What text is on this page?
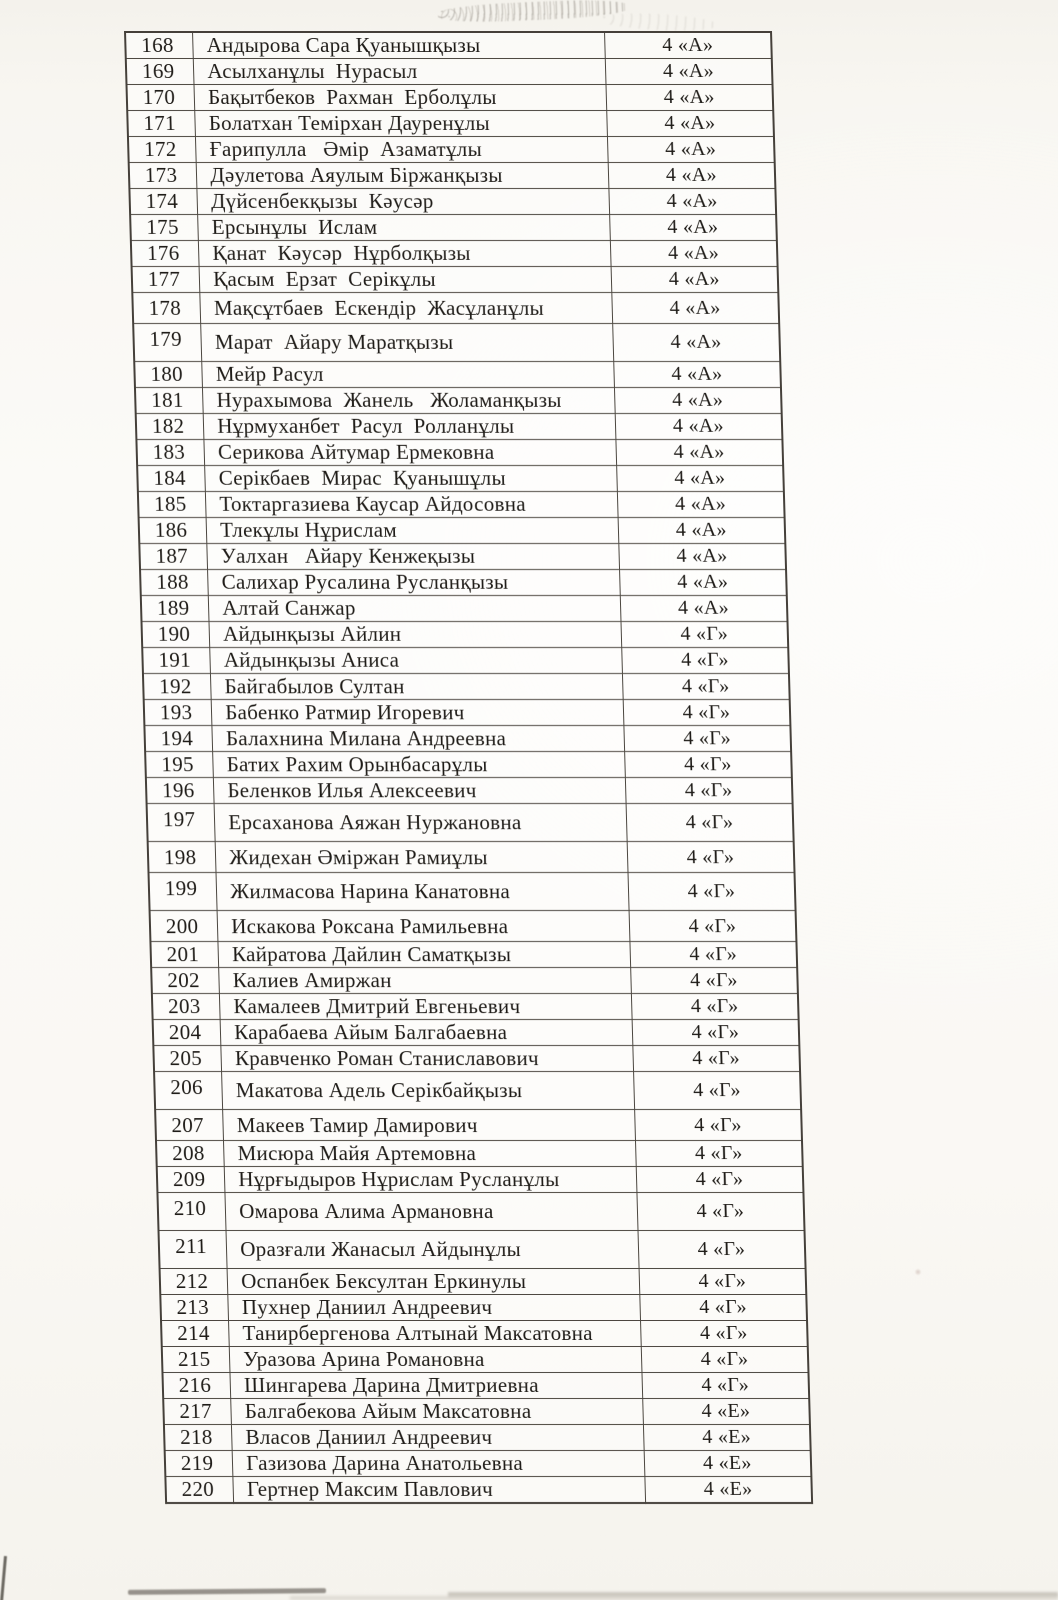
168	Андырова Сара Қуанышқызы	4 «А»
169	Асылханұлы  Нурасыл	4 «А»
170	Бақытбеков  Рахман  Ерболұлы	4 «А»
171	Болатхан Темірхан Дауренұлы	4 «А»
172	Ғарипулла   Әмір  Азаматұлы	4 «А»
173	Дәулетова Аяулым Біржанқызы	4 «А»
174	Дүйсенбекқызы  Кәусәр	4 «А»
175	Ерсынұлы  Ислам	4 «А»
176	Қанат  Кәусәр  Нұрболқызы	4 «А»
177	Қасым  Ерзат  Серікұлы	4 «А»
178	Мақсұтбаев  Ескендір  Жасұланұлы	4 «А»
179	Марат  Айару Маратқызы	4 «А»
180	Мейр Расул	4 «А»
181	Нурахымова  Жанель   Жоламанқызы	4 «А»
182	Нұрмуханбет  Расул  Ролланұлы	4 «А»
183	Серикова Айтумар Ермековна	4 «А»
184	Серікбаев  Мирас  Қуанышұлы	4 «А»
185	Токтаргазиева Каусар Айдосовна	4 «А»
186	Тлекұлы Нұрислам	4 «А»
187	Уалхан   Айару Кенжеқызы	4 «А»
188	Салихар Русалина Русланқызы	4 «А»
189	Алтай Санжар	4 «А»
190	Айдынқызы Айлин	4 «Г»
191	Айдынқызы Аниса	4 «Г»
192	Байгабылов Султан	4 «Г»
193	Бабенко Ратмир Игоревич	4 «Г»
194	Балахнина Милана Андреевна	4 «Г»
195	Батих Рахим Орынбасарұлы	4 «Г»
196	Беленков Илья Алексеевич	4 «Г»
197	Ерсаханова Аяжан Нуржановна	4 «Г»
198	Жидехан Әміржан Рамиұлы	4 «Г»
199	Жилмасова Нарина Канатовна	4 «Г»
200	Искакова Роксана Рамильевна	4 «Г»
201	Кайратова Дайлин Саматқызы	4 «Г»
202	Калиев Амиржан	4 «Г»
203	Камалеев Дмитрий Евгеньевич	4 «Г»
204	Карабаева Айым Балгабаевна	4 «Г»
205	Кравченко Роман Станиславович	4 «Г»
206	Макатова Адель Серікбайқызы	4 «Г»
207	Макеев Тамир Дамирович	4 «Г»
208	Мисюра Майя Артемовна	4 «Г»
209	Нұрғыдыров Нұрислам Русланұлы	4 «Г»
210	Омарова Алима Армановна	4 «Г»
211	Оразғали Жанасыл Айдынұлы	4 «Г»
212	Оспанбек Бексултан Еркинулы	4 «Г»
213	Пухнер Даниил Андреевич	4 «Г»
214	Танирбергенова Алтынай Максатовна	4 «Г»
215	Уразова Арина Романовна	4 «Г»
216	Шингарева Дарина Дмитриевна	4 «Г»
217	Балгабекова Айым Максатовна	4 «Е»
218	Власов Даниил Андреевич	4 «Е»
219	Газизова Дарина Анатольевна	4 «Е»
220	Гертнер Максим Павлович	4 «Е»
